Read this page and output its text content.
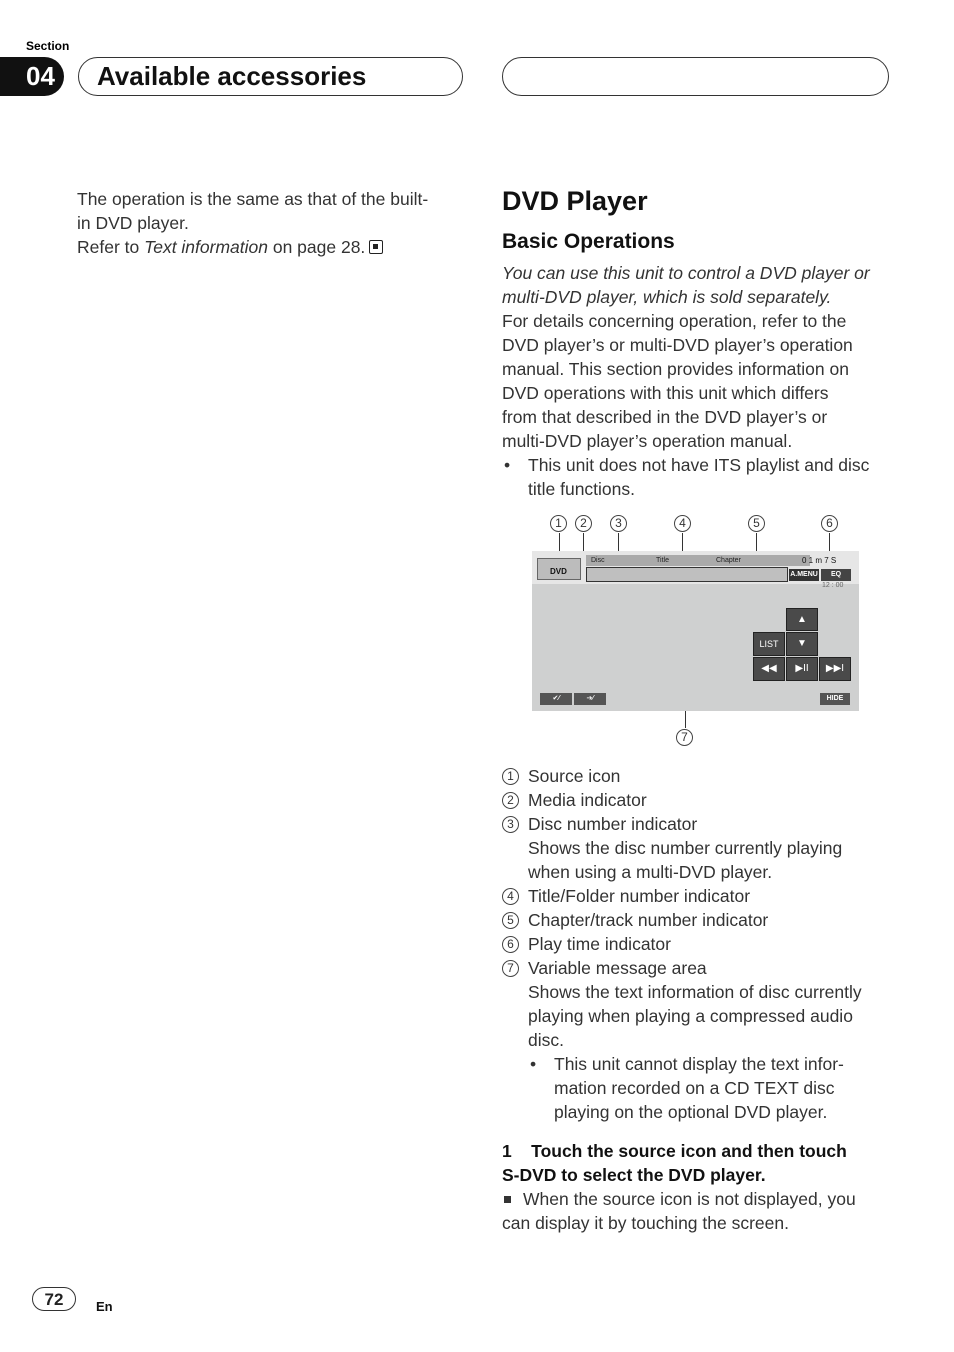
Section
04	Available accessories
The operation is the same as that of the built-
in DVD player.
Refer to Text information on page 28.
DVD Player
Basic Operations
You can use this unit to control a DVD player or
multi-DVD player, which is sold separately.
For details concerning operation, refer to the
DVD player’s or multi-DVD player’s operation
manual. This section provides information on
DVD operations with this unit which differs
from that described in the DVD player’s or
multi-DVD player’s operation manual.
• This unit does not have ITS playlist and disc
title functions.
1	2	3	4	5	6
7
DVD
Disc	Title	Chapter	0 1 m 7 S
A.MENU	EQ
12 : 00
▲
LIST	▼
◀◀	▶II	▶▶I
✔⁄	➔⁄	HIDE
1 Source icon
2 Media indicator
3 Disc number indicator
Shows the disc number currently playing
when using a multi-DVD player.
4 Title/Folder number indicator
5 Chapter/track number indicator
6 Play time indicator
7 Variable message area
Shows the text information of disc currently
playing when playing a compressed audio
disc.
• This unit cannot display the text infor-
mation recorded on a CD TEXT disc
playing on the optional DVD player.
1    Touch the source icon and then touch
S-DVD to select the DVD player.
When the source icon is not displayed, you
can display it by touching the screen.
72	En
